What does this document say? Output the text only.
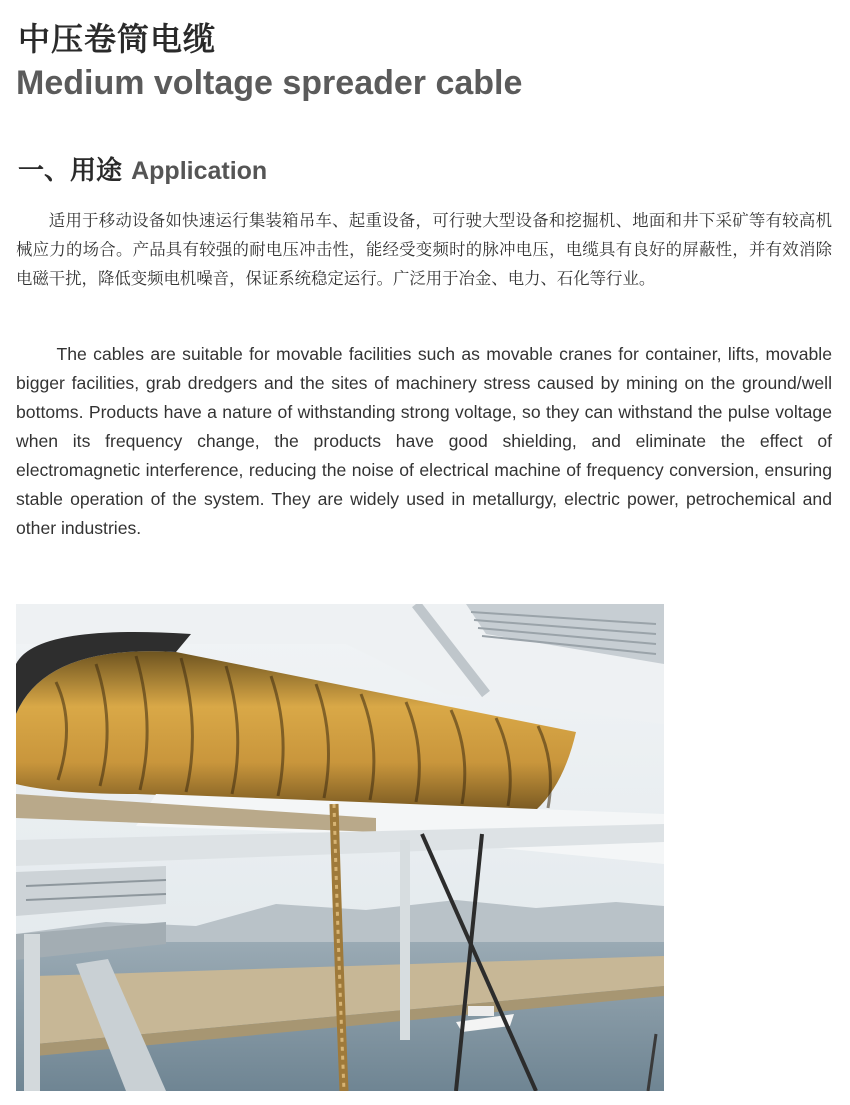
中压卷筒电缆
Medium voltage spreader cable
一、用途 Application

适用于移动设备如快速运行集装箱吊车、起重设备，可行驶大型设备和挖掘机、地面和井下采矿等有较高机械应力的场合。产品具有较强的耐电压冲击性，能经受变频时的脉冲电压，电缆具有良好的屏蔽性，并有效消除电磁干扰，降低变频电机噪音，保证系统稳定运行。广泛用于冶金、电力、石化等行业。

The cables are suitable for movable facilities such as movable cranes for container, lifts, movable bigger facilities, grab dredgers and the sites of machinery stress caused by mining on the ground/well bottoms. Products have a nature of withstanding strong voltage, so they can withstand the pulse voltage when its frequency change, the products have good shielding, and eliminate the effect of electromagnetic interference, reducing the noise of electrical machine of frequency conversion, ensuring stable operation of the system. They are widely used in metallurgy, electric power, petrochemical and other industries.
